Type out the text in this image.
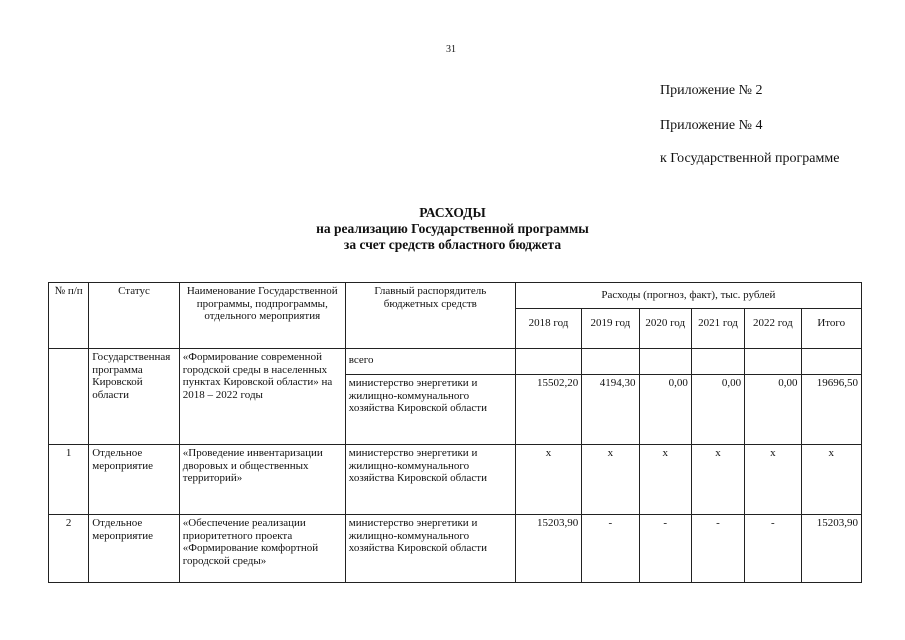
31
Приложение № 2
Приложение № 4
к Государственной программе
РАСХОДЫ
на реализацию Государственной программы
за счет средств областного бюджета
№ п/п	Статус	Наименование Государственной программы, подпрограммы, отдельного мероприятия	Главный распорядитель бюджетных средств	Расходы (прогноз, факт), тыс. рублей					
				2018 год	2019 год	2020 год	2021 год	2022 год	Итого
	Государственная программа Кировской области	«Формирование современной городской среды в населенных пунктах Кировской области» на 2018 – 2022 годы	всего						
			министерство энергетики и жилищно-коммунального хозяйства Кировской области	15502,20	4194,30	0,00	0,00	0,00	19696,50
1	Отдельное мероприятие	«Проведение инвентаризации дворовых и общественных территорий»	министерство энергетики и жилищно-коммунального хозяйства Кировской области	х	х	х	х	х	х
2	Отдельное мероприятие	«Обеспечение реализации приоритетного проекта «Формирование комфортной городской среды»	министерство энергетики и жилищно-коммунального хозяйства Кировской области	15203,90	-	-	-	-	15203,90
